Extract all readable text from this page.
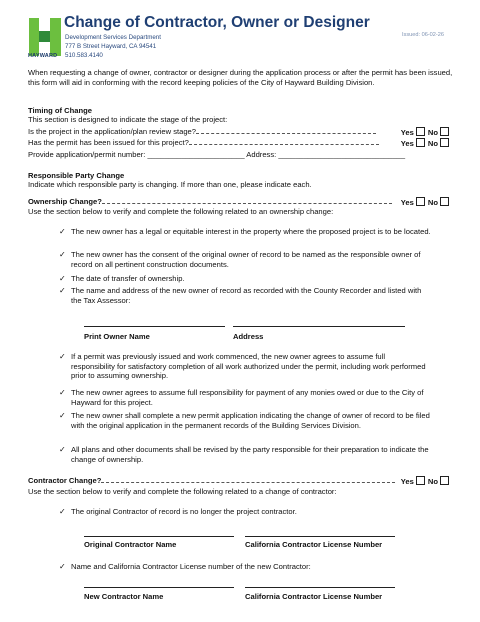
HAYWARD
Change of Contractor, Owner or Designer
Issued: 06-02-26
Development Services Department
777 B Street Hayward, CA 94541
510.583.4140
When requesting a change of owner, contractor or designer during the application process or after the permit has been issued, this form will aid in conforming with the record keeping policies of the City of Hayward Building Division.
Timing of Change
This section is designed to indicate the stage of the project:
Is the project in the application/plan review stage?	Yes No
Has the permit has been issued for this project?	Yes No
Provide application/permit number: _______________________ Address: ______________________________
Responsible Party Change
Indicate which responsible party is changing. If more than one, please indicate each.
Ownership Change?	Yes No
Use the section below to verify and complete the following related to an ownership change:
✓ The new owner has a legal or equitable interest in the property where the proposed project is to be located.
✓ The new owner has the consent of the original owner of record to be named as the responsible owner of record on all pertinent construction documents.
✓ The date of transfer of ownership.
✓ The name and address of the new owner of record as recorded with the County Recorder and listed with the Tax Assessor:
Print Owner Name	Address
✓ If a permit was previously issued and work commenced, the new owner agrees to assume full responsibility for satisfactory completion of all work authorized under the permit, including work performed prior to assuming ownership.
✓ The new owner agrees to assume full responsibility for payment of any monies owed or due to the City of Hayward for this project.
✓ The new owner shall complete a new permit application indicating the change of owner of record to be filed with the original application in the permanent records of the Building Services Division.
✓ All plans and other documents shall be revised by the party responsible for their preparation to indicate the change of ownership.
Contractor Change?	Yes No
Use the section below to verify and complete the following related to a change of contractor:
✓ The original Contractor of record is no longer the project contractor.
Original Contractor Name	California Contractor License Number
✓ Name and California Contractor License number of the new Contractor:
New Contractor Name	California Contractor License Number
